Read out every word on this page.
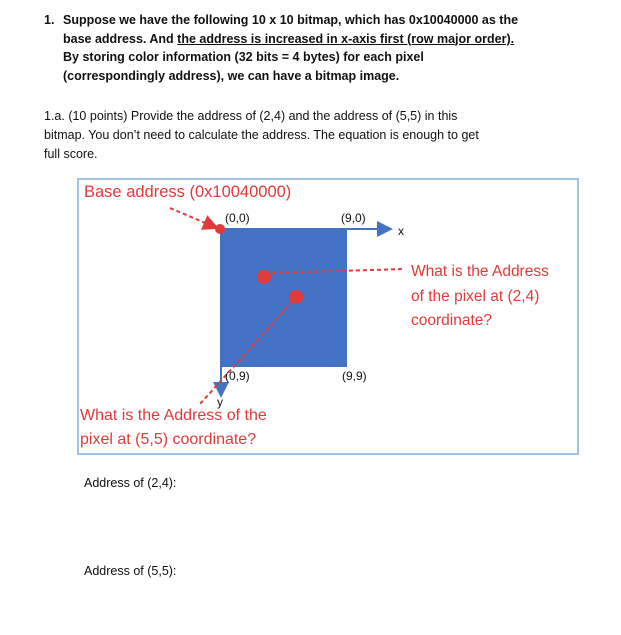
1. Suppose we have the following 10 x 10 bitmap, which has 0x10040000 as the
base address. And the address is increased in x-axis first (row major order).
By storing color information (32 bits = 4 bytes) for each pixel
(correspondingly address), we can have a bitmap image.
1.a. (10 points) Provide the address of (2,4) and the address of (5,5) in this
bitmap. You don’t need to calculate the address. The equation is enough to get
full score.
Base address (0x10040000)
(0,0)	(9,0)
(0,9)	(9,9)
x
y
What is the Address
of the pixel at (2,4)
coordinate?
What is the Address of the
pixel at (5,5) coordinate?
Address of (2,4):
Address of (5,5):
